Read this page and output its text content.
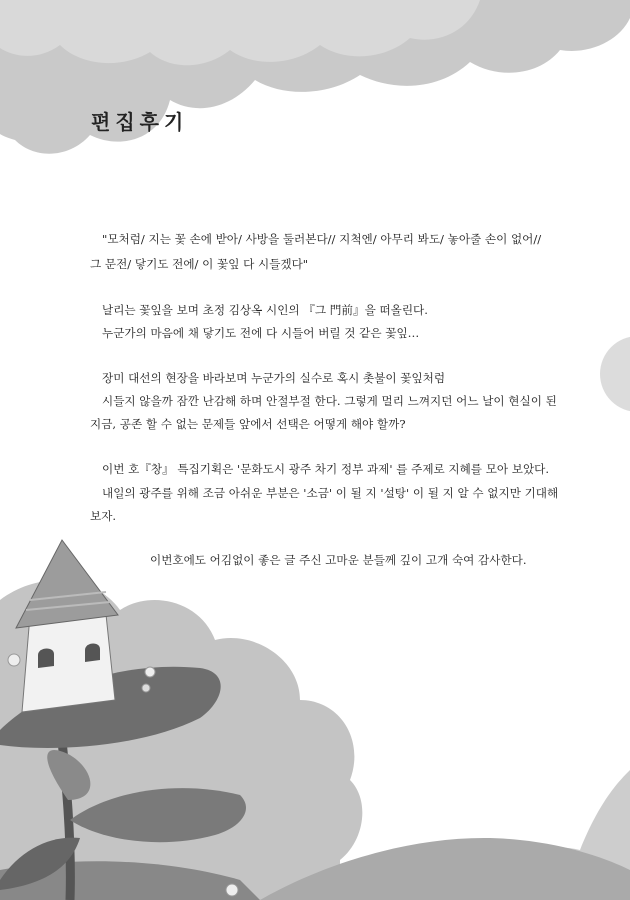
편집후기
"모처럼/ 지는 꽃 손에 받아/ 사방을 둘러본다// 지척엔/ 아무리 봐도/ 놓아줄 손이 없어//
그 문전/ 닿기도 전에/ 이 꽃잎 다 시들겠다"
날리는 꽃잎을 보며 초정 김상옥 시인의 『그 門前』을 떠올린다.
누군가의 마음에 채 닿기도 전에 다 시들어 버릴 것 같은 꽃잎…
장미 대선의 현장을 바라보며 누군가의 실수로 혹시 촛불이 꽃잎처럼
시들지 않을까 잠깐 난감해 하며 안절부절 한다. 그렇게 멀리 느껴지던 어느 날이 현실이 된
지금, 공존 할 수 없는 문제들 앞에서 선택은 어떻게 해야 할까?
이번 호『창』 특집기획은 '문화도시 광주 차기 정부 과제' 를 주제로 지혜를 모아 보았다.
내일의 광주를 위해 조금 아쉬운 부분은 '소금' 이 될 지 '설탕' 이 될 지 알 수 없지만 기대해
보자.
이번호에도 어김없이 좋은 글 주신 고마운 분들께 깊이 고개 숙여 감사한다.
